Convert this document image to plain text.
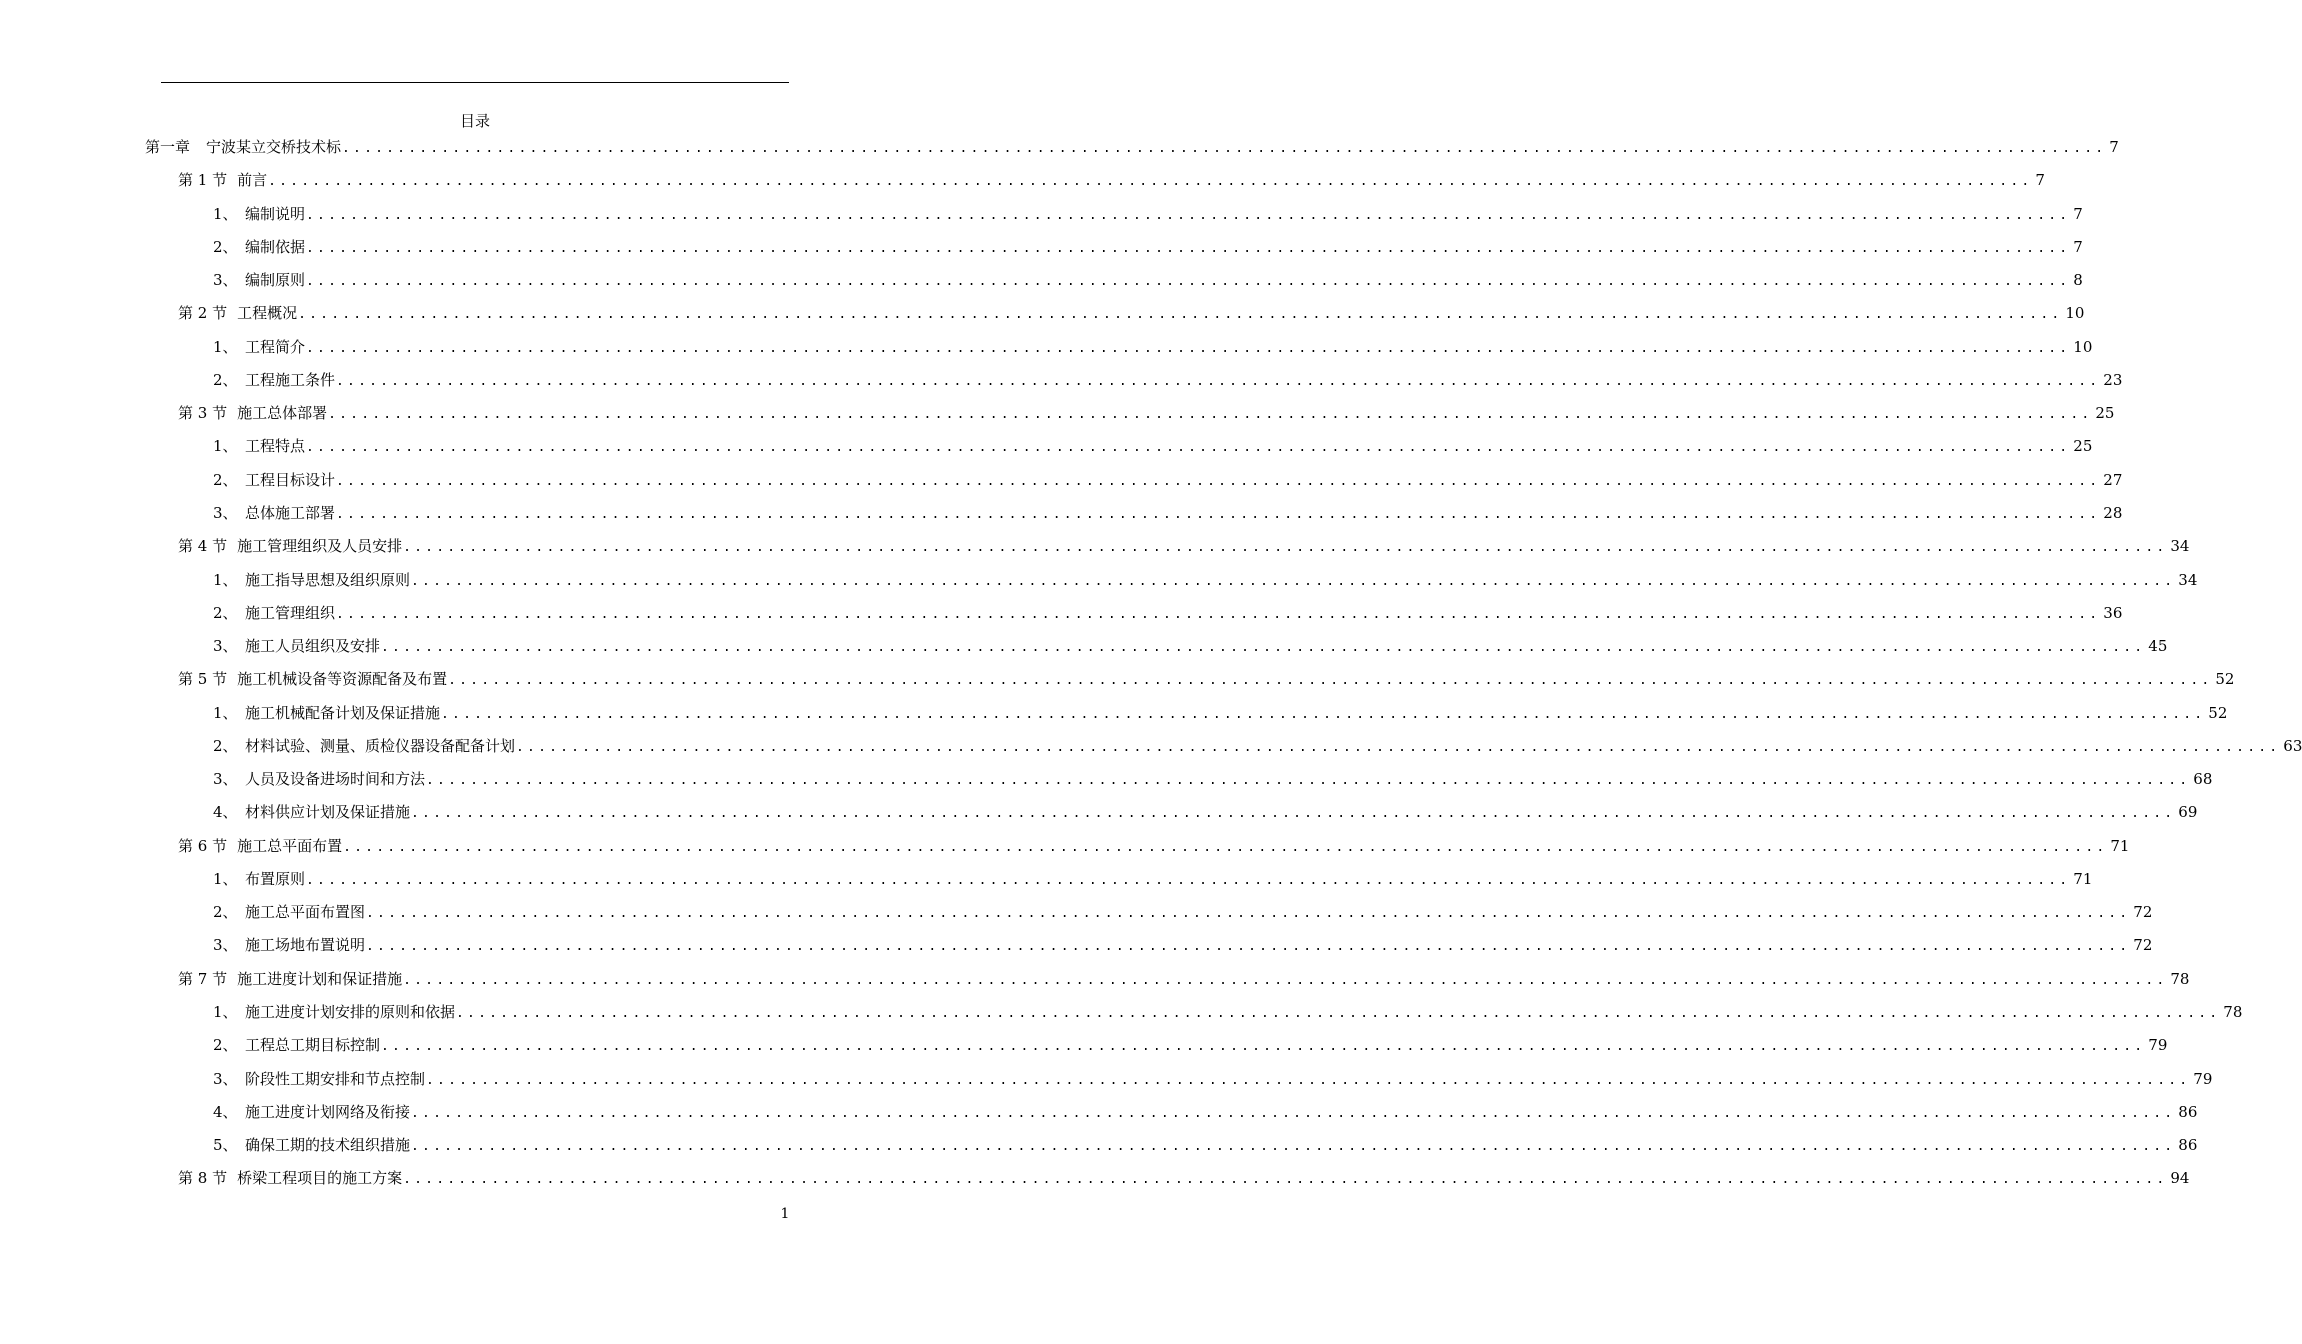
目录
第一章 宁波某立交桥技术标 ................................................................................................................................................................ 7
第 1 节 前言 ................................................................................................................................................................ 7
1、 编制说明 ................................................................................................................................................................ 7
2、 编制依据 ................................................................................................................................................................ 7
3、 编制原则 ................................................................................................................................................................ 8
第 2 节 工程概况 ................................................................................................................................................................ 10
1、 工程简介 ................................................................................................................................................................ 10
2、 工程施工条件 ................................................................................................................................................................ 23
第 3 节 施工总体部署 ................................................................................................................................................................ 25
1、 工程特点 ................................................................................................................................................................ 25
2、 工程目标设计 ................................................................................................................................................................ 27
3、 总体施工部署 ................................................................................................................................................................ 28
第 4 节 施工管理组织及人员安排 ................................................................................................................................................................ 34
1、 施工指导思想及组织原则 ................................................................................................................................................................ 34
2、 施工管理组织 ................................................................................................................................................................ 36
3、 施工人员组织及安排 ................................................................................................................................................................ 45
第 5 节 施工机械设备等资源配备及布置 ................................................................................................................................................................ 52
1、 施工机械配备计划及保证措施 ................................................................................................................................................................ 52
2、 材料试验、测量、质检仪器设备配备计划 ................................................................................................................................................................ 63
3、 人员及设备进场时间和方法 ................................................................................................................................................................ 68
4、 材料供应计划及保证措施 ................................................................................................................................................................ 69
第 6 节 施工总平面布置 ................................................................................................................................................................ 71
1、 布置原则 ................................................................................................................................................................ 71
2、 施工总平面布置图 ................................................................................................................................................................ 72
3、 施工场地布置说明 ................................................................................................................................................................ 72
第 7 节 施工进度计划和保证措施 ................................................................................................................................................................ 78
1、 施工进度计划安排的原则和依据 ................................................................................................................................................................ 78
2、 工程总工期目标控制 ................................................................................................................................................................ 79
3、 阶段性工期安排和节点控制 ................................................................................................................................................................ 79
4、 施工进度计划网络及衔接 ................................................................................................................................................................ 86
5、 确保工期的技术组织措施 ................................................................................................................................................................ 86
第 8 节 桥梁工程项目的施工方案 ................................................................................................................................................................ 94
1
